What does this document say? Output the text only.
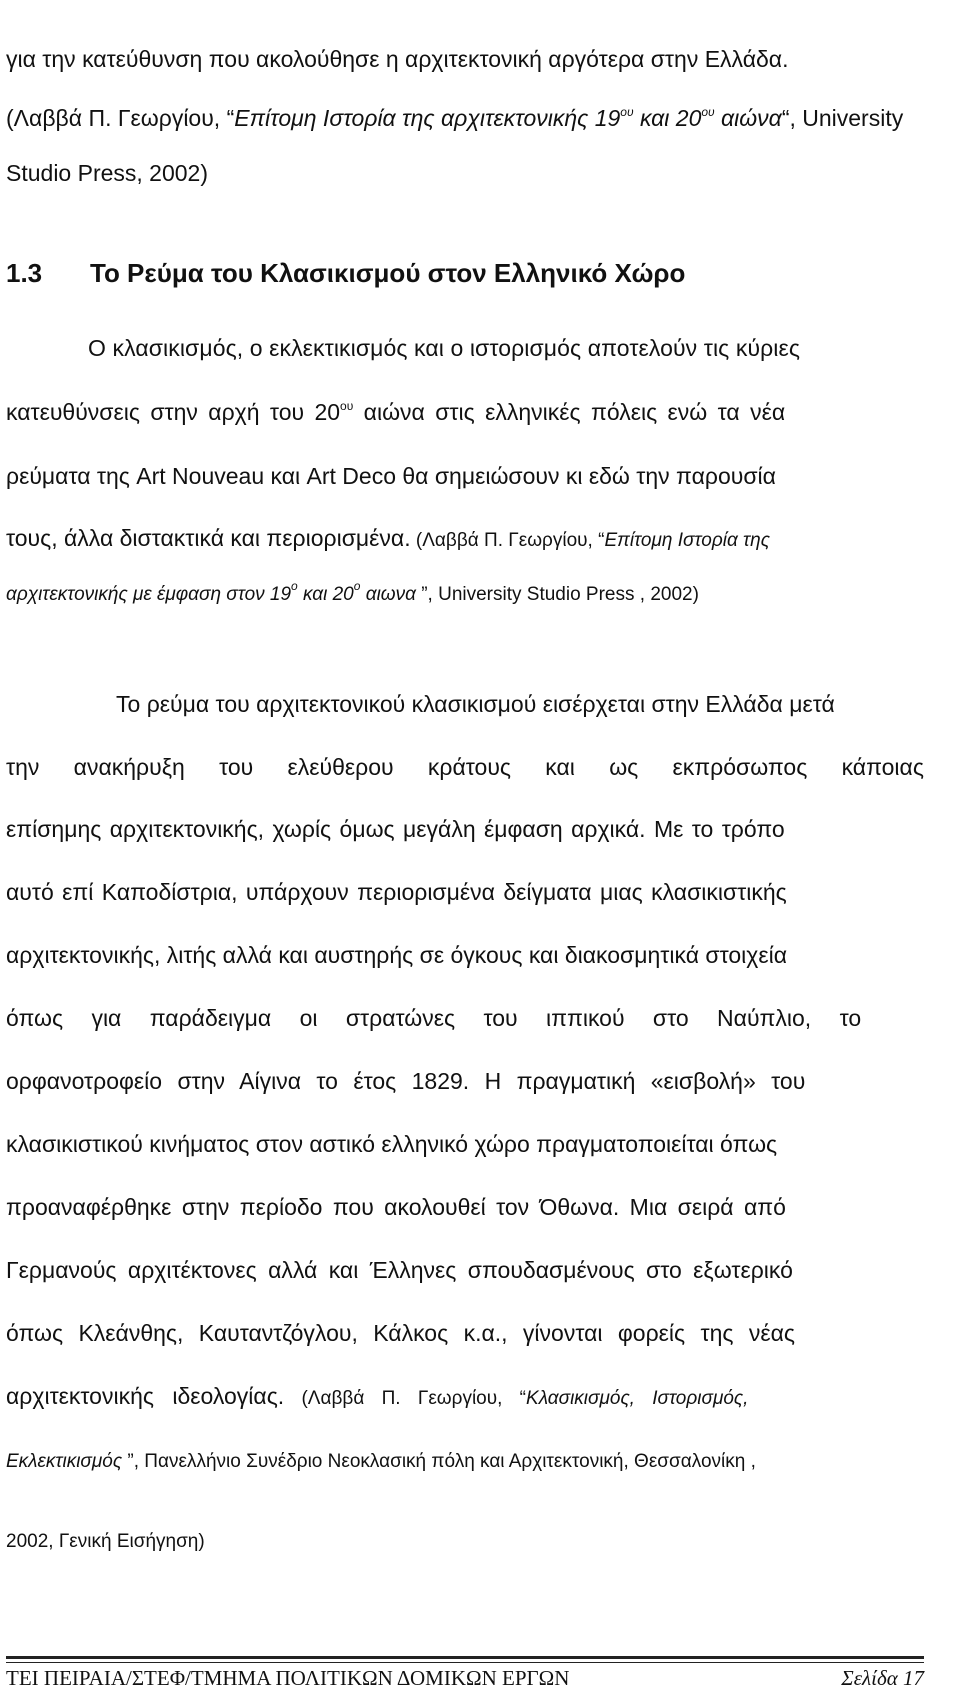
για την κατεύθυνση που ακολούθησε η αρχιτεκτονική αργότερα στην Ελλάδα.
(Λαββά Π. Γεωργίου, “Επίτομη Ιστορία της αρχιτεκτονικής $19^{o\upsilon}$ και $20^{o\upsilon}$ αιώνα“, University
Studio Press, 2002)
1.3 Το Ρεύμα του Κλασικισμού στον Ελληνικό Χώρο
Ο κλασικισμός, ο εκλεκτικισμός και ο ιστορισμός αποτελούν τις κύριες
κατευθύνσεις στην αρχή του $20^{o\upsilon}$ αιώνα στις ελληνικές πόλεις ενώ τα νέα
ρεύματα της Art Nouveau και Art Deco θα σημειώσουν κι εδώ την παρουσία
τους, άλλα διστακτικά και περιορισμένα. (Λαββά Π. Γεωργίου, “Επίτομη Ιστορία της
αρχιτεκτονικής με έμφαση στον $19^o$ και $20^o$ αιωνα ”, University Studio Press , 2002)
Το ρεύμα του αρχιτεκτονικού κλασικισμού εισέρχεται στην Ελλάδα μετά
την ανακήρυξη του ελεύθερου κράτους και ως εκπρόσωπος κάποιας
επίσημης αρχιτεκτονικής, χωρίς όμως μεγάλη έμφαση αρχικά. Με το τρόπο
αυτό επί Καποδίστρια, υπάρχουν περιορισμένα δείγματα μιας κλασικιστικής
αρχιτεκτονικής, λιτής αλλά και αυστηρής σε όγκους και διακοσμητικά στοιχεία
όπως για παράδειγμα οι στρατώνες του ιππικού στο Ναύπλιο, το
ορφανοτροφείο στην Αίγινα το έτος 1829. Η πραγματική «εισβολή» του
κλασικιστικού κινήματος στον αστικό ελληνικό χώρο πραγματοποιείται όπως
προαναφέρθηκε στην περίοδο που ακολουθεί τον Όθωνα. Μια σειρά από
Γερμανούς αρχιτέκτονες αλλά και Έλληνες σπουδασμένους στο εξωτερικό
όπως Κλεάνθης, Καυταντζόγλου, Κάλκος κ.α., γίνονται φορείς της νέας
αρχιτεκτονικής ιδεολογίας. (Λαββά Π. Γεωργίου, “Κλασικισμός, Ιστορισμός,
Εκλεκτικισμός ”, Πανελλήνιο Συνέδριο Νεοκλασική πόλη και Αρχιτεκτονική, Θεσσαλονίκη ,
2002, Γενική Εισήγηση)
ΤΕΙ ΠΕΙΡΑΙΑ/ΣΤΕΦ/ΤΜΗΜΑ ΠΟΛΙΤΙΚΩΝ ΔΟΜΙΚΩΝ ΕΡΓΩΝ	Σελίδα 17
